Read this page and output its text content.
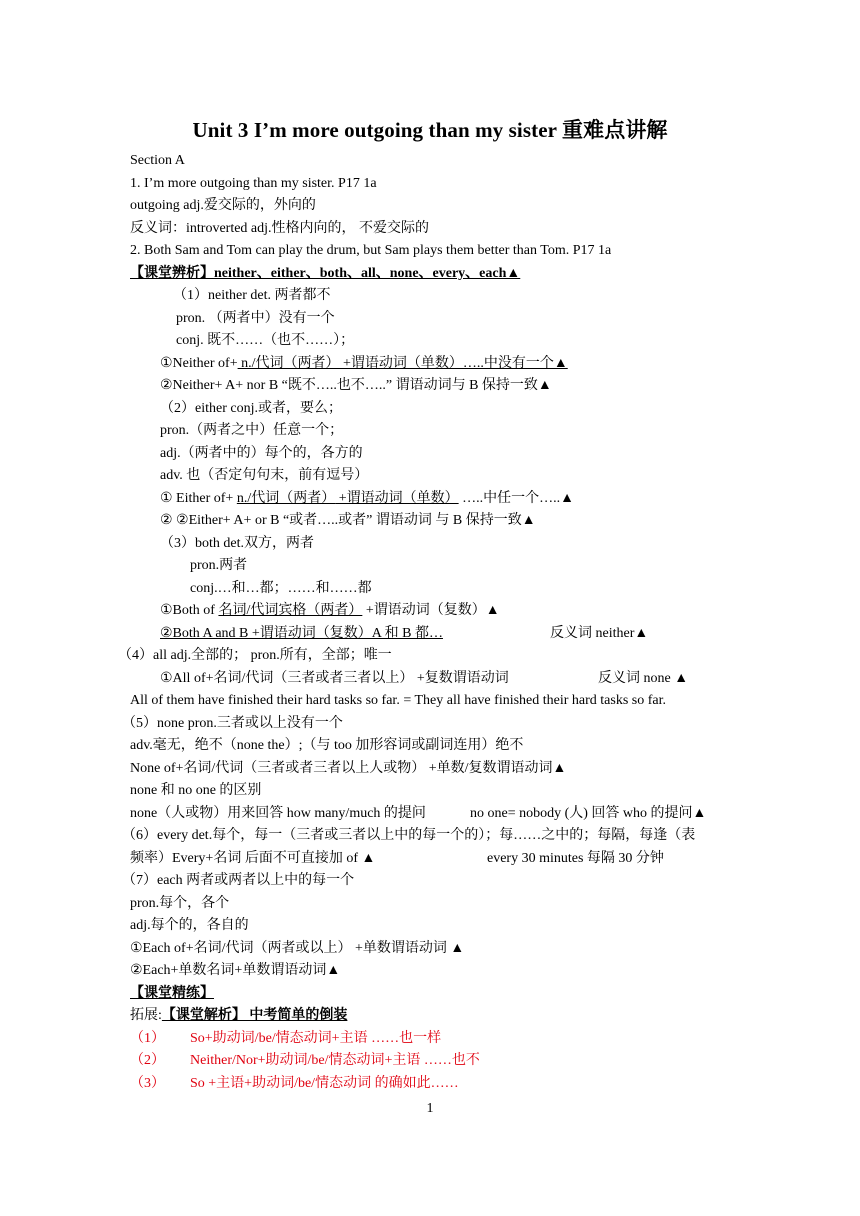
Unit 3 I’m more outgoing than my sister 重难点讲解
Section A
1. I’m more outgoing than my sister. P17 1a
outgoing adj.爱交际的，外向的
反义词：introverted adj.性格内向的， 不爱交际的
2. Both Sam and Tom can play the drum, but Sam plays them better than Tom. P17 1a
【课堂辨析】neither、either、both、all、none、every、each▲
（1）neither det. 两者都不
pron. （两者中）没有一个
conj. 既不……（也不……）；
①Neither of+ n./代词（两者） +谓语动词（单数）…..中没有一个▲
②Neither+ A+ nor B “既不…..也不…..” 谓语动词与 B 保持一致▲
（2）either conj.或者，要么；
pron.（两者之中）任意一个；
adj.（两者中的）每个的，各方的
adv. 也（否定句句末，前有逗号）
① Either of+ n./代词（两者） +谓语动词（单数） …..中任一个…..▲
② ②Either+ A+ or B “或者…..或者” 谓语动词 与 B 保持一致▲
（3）both det.双方，两者
pron.两者
conj.…和…都；……和……都
①Both of 名词/代词宾格（两者） +谓语动词（复数）▲
②Both A and B +谓语动词（复数）A 和 B 都…	反义词 neither▲
（4）all adj.全部的； pron.所有，全部；唯一
①All of+名词/代词（三者或者三者以上） +复数谓语动词	反义词 none ▲
All of them have finished their hard tasks so far. = They all have finished their hard tasks so far.
（5）none pron.三者或以上没有一个
adv.毫无，绝不（none the）;（与 too 加形容词或副词连用）绝不
None of+名词/代词（三者或者三者以上人或物） +单数/复数谓语动词▲
none 和 no one 的区别
none（人或物）用来回答 how many/much 的提问	no one= nobody (人) 回答 who 的提问▲
（6）every det.每个，每一（三者或三者以上中的每一个的）；每……之中的；每隔，每逢（表
频率）Every+名词 后面不可直接加 of ▲	every 30 minutes 每隔 30 分钟
（7）each 两者或两者以上中的每一个
pron.每个，各个
adj.每个的，各自的
①Each of+名词/代词（两者或以上） +单数谓语动词 ▲
②Each+单数名词+单数谓语动词▲
【课堂精练】
拓展:【课堂解析】 中考简单的倒装
（1） So+助动词/be/情态动词+主语 ……也一样
（2） Neither/Nor+助动词/be/情态动词+主语 ……也不
（3） So +主语+助动词/be/情态动词 的确如此……
1
